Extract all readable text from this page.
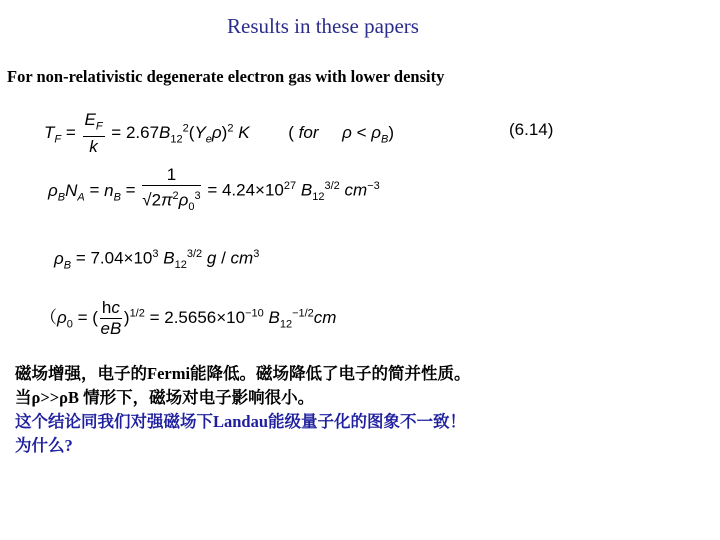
Results in these papers
For non-relativistic degenerate electron gas with lower density
$T_F = \frac{E_F}{k} = 2.67B_{12}^2(Y_e\rho)^2$ K ( for $\rho < \rho_B$)	(6.14)
$\rho_BN_A = n_B = \frac{1}{√2\pi^2\rho_0^3} = 4.24\times 10^{27}$ $B_{12}^{3/2}$ $cm^{-3}$
$\rho_B = 7.04\times 10^3$ $B_{12}^{3/2}$ g / $cm^3$
（$\rho_0$ = ( $\frac{hc}{eB} )^{1/2} = 2.5656\times 10^{-10}$ $B_{12}^{-1/2}cm$
磁场增强，电子的Fermi能降低。磁场降低了电子的简并性质。
当ρ>>ρB 情形下，磁场对电子影响很小。
这个结论同我们对强磁场下Landau能级量子化的图象不一致！
为什么?
